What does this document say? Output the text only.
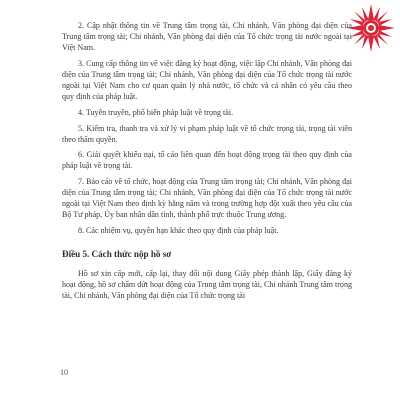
2. Cập nhật thông tin về Trung tâm trọng tài, Chi nhánh, Văn phòng đại diện của Trung tâm trọng tài; Chi nhánh, Văn phòng đại diện của Tổ chức trọng tài nước ngoài tại Việt Nam.

3. Cung cấp thông tin về việc đăng ký hoạt động, việc lập Chi nhánh, Văn phòng đại diện của Trung tâm trọng tài; Chi nhánh, Văn phòng đại diện của Tổ chức trọng tài nước ngoài tại Việt Nam cho cơ quan quản lý nhà nước, tổ chức và cá nhân có yêu cầu theo quy định của pháp luật.

4. Tuyên truyền, phổ biến pháp luật về trọng tài.

5. Kiểm tra, thanh tra và xử lý vi phạm pháp luật về tổ chức trọng tài, trọng tài viên theo thẩm quyền.

6. Giải quyết khiếu nại, tố cáo liên quan đến hoạt động trọng tài theo quy định của pháp luật về trọng tài.

7. Báo cáo về tổ chức, hoạt động của Trung tâm trọng tài; Chi nhánh, Văn phòng đại diện của Trung tâm trọng tài; Chi nhánh, Văn phòng đại diện của Tổ chức trọng tài nước ngoài tại Việt Nam theo định kỳ hằng năm và trong trường hợp đột xuất theo yêu cầu của Bộ Tư pháp, Ủy ban nhân dân tỉnh, thành phố trực thuộc Trung ương.

8. Các nhiệm vụ, quyền hạn khác theo quy định của pháp luật.

Điều 5. Cách thức nộp hồ sơ

Hồ sơ xin cấp mới, cấp lại, thay đổi nội dung Giấy phép thành lập, Giấy đăng ký hoạt động, hồ sơ chấm dứt hoạt động của Trung tâm trọng tài, Chi nhánh Trung tâm trọng tài, Chi nhánh, Văn phòng đại diện của Tổ chức trọng tài

10
